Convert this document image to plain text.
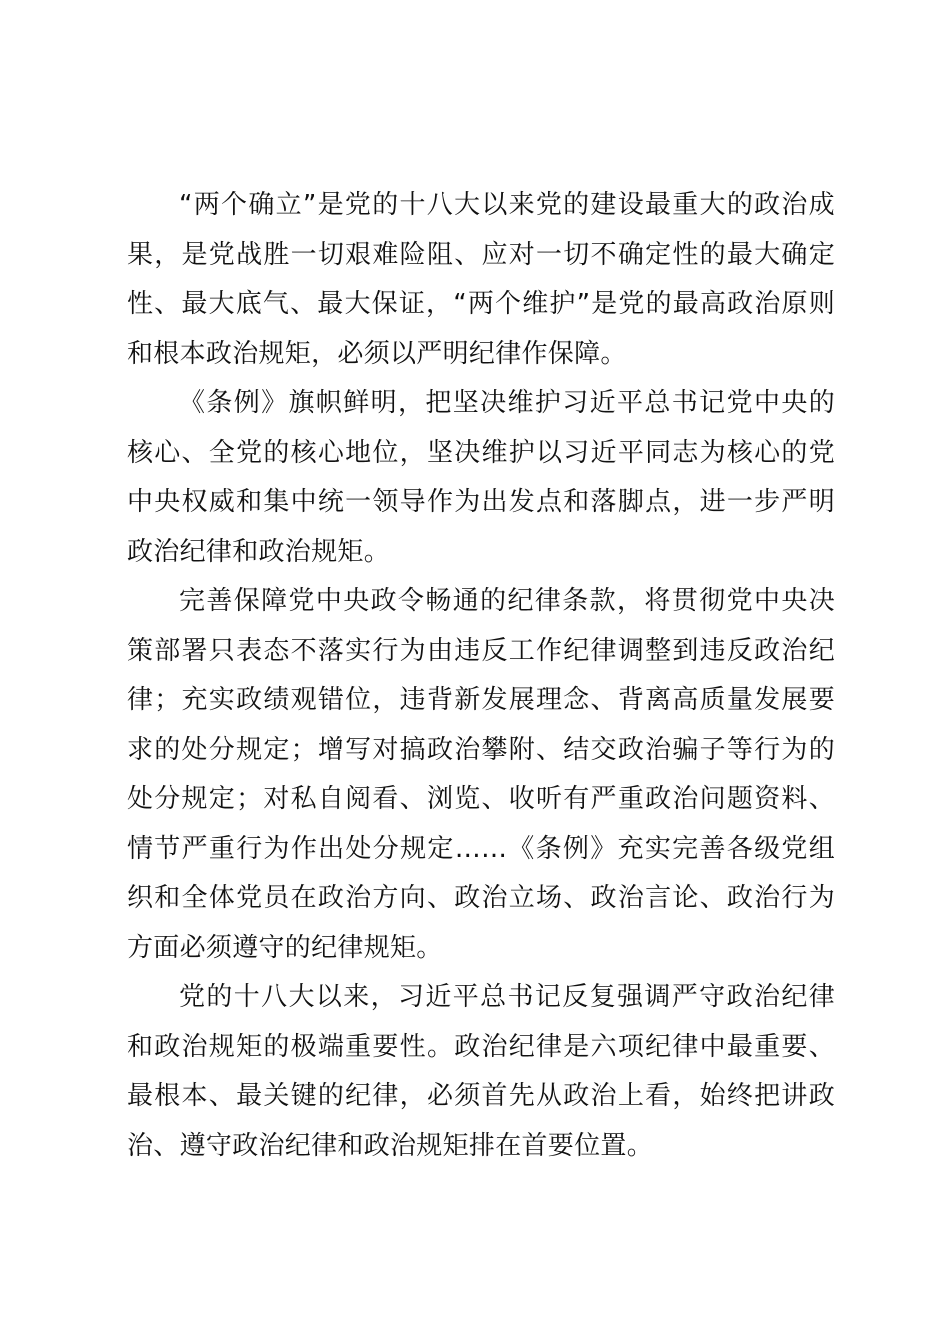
“两个确立”是党的十八大以来党的建设最重大的政治成果，是党战胜一切艰难险阻、应对一切不确定性的最大确定性、最大底气、最大保证，“两个维护”是党的最高政治原则和根本政治规矩，必须以严明纪律作保障。

《条例》旗帜鲜明，把坚决维护习近平总书记党中央的核心、全党的核心地位，坚决维护以习近平同志为核心的党中央权威和集中统一领导作为出发点和落脚点，进一步严明政治纪律和政治规矩。

完善保障党中央政令畅通的纪律条款，将贯彻党中央决策部署只表态不落实行为由违反工作纪律调整到违反政治纪律；充实政绩观错位，违背新发展理念、背离高质量发展要求的处分规定；增写对搞政治攀附、结交政治骗子等行为的处分规定；对私自阅看、浏览、收听有严重政治问题资料、情节严重行为作出处分规定……《条例》充实完善各级党组织和全体党员在政治方向、政治立场、政治言论、政治行为方面必须遵守的纪律规矩。

党的十八大以来，习近平总书记反复强调严守政治纪律和政治规矩的极端重要性。政治纪律是六项纪律中最重要、最根本、最关键的纪律，必须首先从政治上看，始终把讲政治、遵守政治纪律和政治规矩排在首要位置。
